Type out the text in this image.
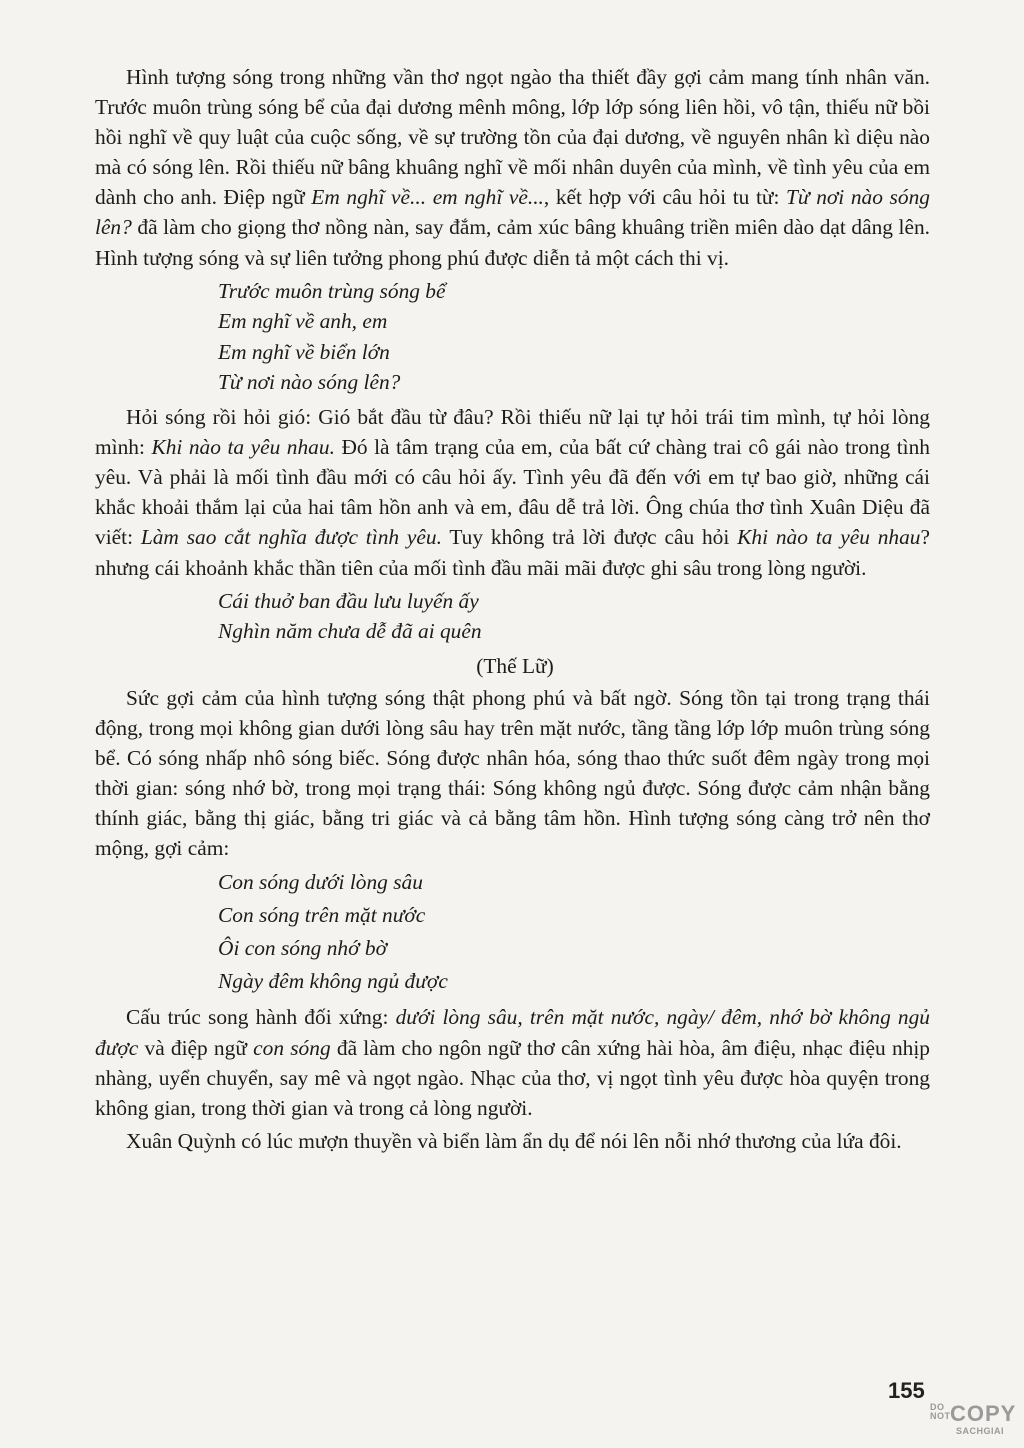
Hình tượng sóng trong những vần thơ ngọt ngào tha thiết đầy gợi cảm mang tính nhân văn. Trước muôn trùng sóng bể của đại dương mênh mông, lớp lớp sóng liên hồi, vô tận, thiếu nữ bồi hồi nghĩ về quy luật của cuộc sống, về sự trường tồn của đại dương, về nguyên nhân kì diệu nào mà có sóng lên. Rồi thiếu nữ bâng khuâng nghĩ về mối nhân duyên của mình, về tình yêu của em dành cho anh. Điệp ngữ Em nghĩ về... em nghĩ về..., kết hợp với câu hỏi tu từ: Từ nơi nào sóng lên? đã làm cho giọng thơ nồng nàn, say đắm, cảm xúc bâng khuâng triền miên dào dạt dâng lên. Hình tượng sóng và sự liên tưởng phong phú được diễn tả một cách thi vị.

Trước muôn trùng sóng bể
Em nghĩ về anh, em
Em nghĩ về biển lớn
Từ nơi nào sóng lên?

Hỏi sóng rồi hỏi gió: Gió bắt đầu từ đâu? Rồi thiếu nữ lại tự hỏi trái tim mình, tự hỏi lòng mình: Khi nào ta yêu nhau. Đó là tâm trạng của em, của bất cứ chàng trai cô gái nào trong tình yêu. Và phải là mối tình đầu mới có câu hỏi ấy. Tình yêu đã đến với em tự bao giờ, những cái khắc khoải thắm lại của hai tâm hồn anh và em, đâu dễ trả lời. Ông chúa thơ tình Xuân Diệu đã viết: Làm sao cắt nghĩa được tình yêu. Tuy không trả lời được câu hỏi Khi nào ta yêu nhau? nhưng cái khoảnh khắc thần tiên của mối tình đầu mãi mãi được ghi sâu trong lòng người.

Cái thuở ban đầu lưu luyến ấy
Nghìn năm chưa dễ đã ai quên
(Thế Lữ)

Sức gợi cảm của hình tượng sóng thật phong phú và bất ngờ. Sóng tồn tại trong trạng thái động, trong mọi không gian dưới lòng sâu hay trên mặt nước, tầng tầng lớp lớp muôn trùng sóng bể. Có sóng nhấp nhô sóng biếc. Sóng được nhân hóa, sóng thao thức suốt đêm ngày trong mọi thời gian: sóng nhớ bờ, trong mọi trạng thái: Sóng không ngủ được. Sóng được cảm nhận bằng thính giác, bằng thị giác, bằng tri giác và cả bằng tâm hồn. Hình tượng sóng càng trở nên thơ mộng, gợi cảm:

Con sóng dưới lòng sâu
Con sóng trên mặt nước
Ôi con sóng nhớ bờ
Ngày đêm không ngủ được

Cấu trúc song hành đối xứng: dưới lòng sâu, trên mặt nước, ngày/ đêm, nhớ bờ không ngủ được và điệp ngữ con sóng đã làm cho ngôn ngữ thơ cân xứng hài hòa, âm điệu, nhạc điệu nhịp nhàng, uyển chuyển, say mê và ngọt ngào. Nhạc của thơ, vị ngọt tình yêu được hòa quyện trong không gian, trong thời gian và trong cả lòng người.

Xuân Quỳnh có lúc mượn thuyền và biển làm ẩn dụ để nói lên nỗi nhớ thương của lứa đôi.

155
DO
NOT COPY
SACHGIAI
